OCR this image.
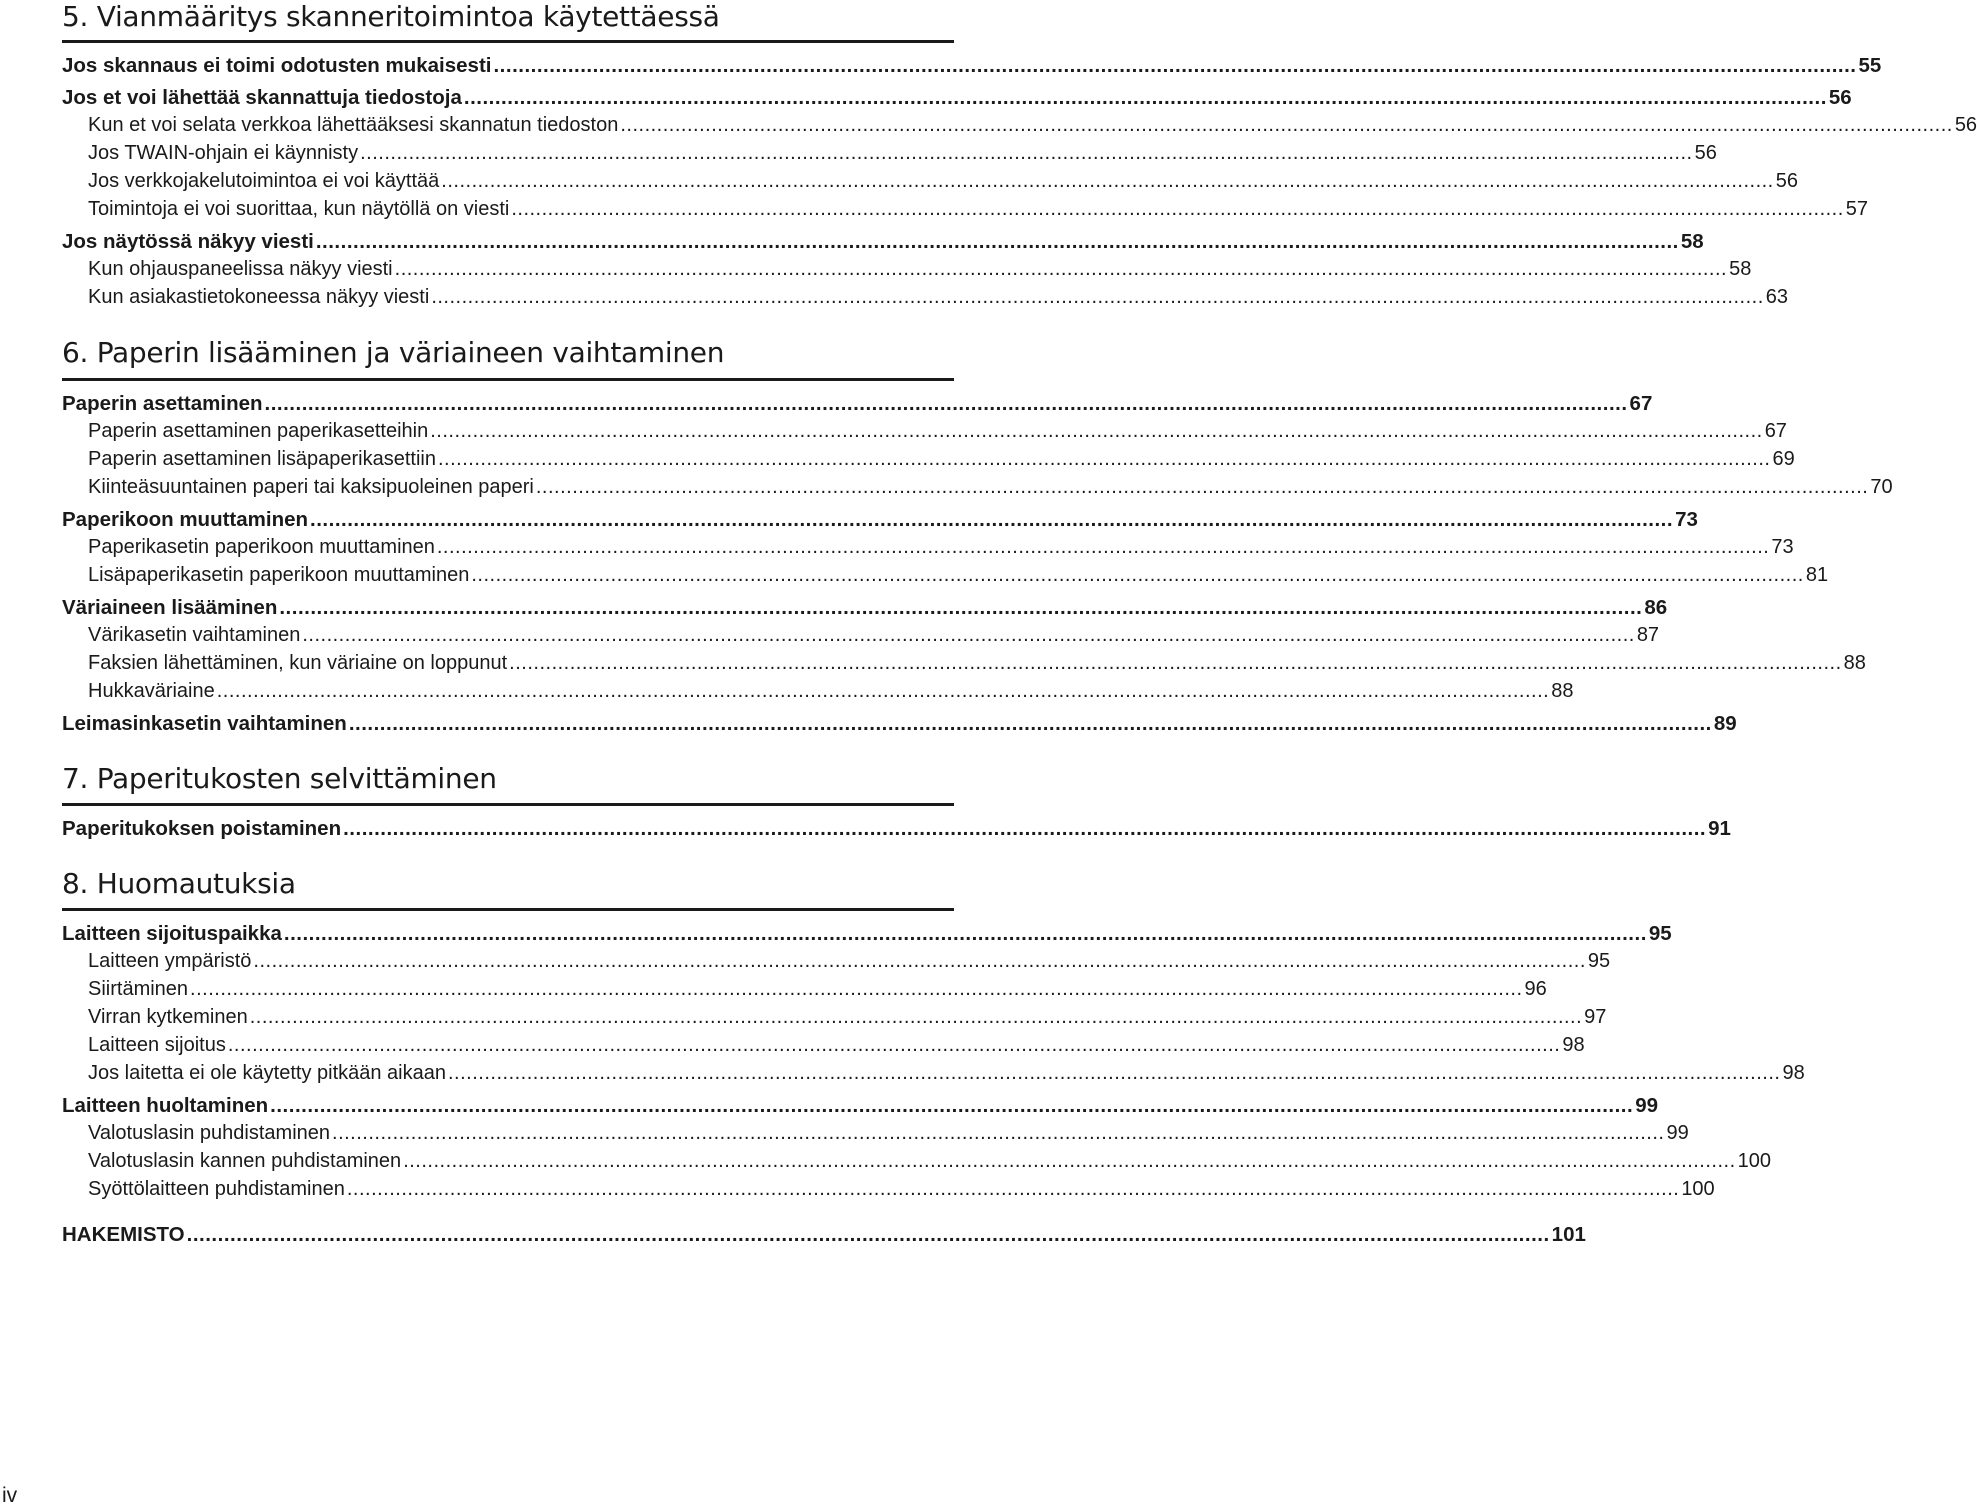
5. Vianmääritys skanneritoimintoa käytettäessä
Jos skannaus ei toimi odotusten mukaisesti ............................................................................................................................................................................................................................ 55
Jos et voi lähettää skannattuja tiedostoja ............................................................................................................................................................................................................................ 56
Kun et voi selata verkkoa lähettääksesi skannatun tiedoston ............................................................................................................................................................................................................................ 56
Jos TWAIN-ohjain ei käynnisty ............................................................................................................................................................................................................................ 56
Jos verkkojakelutoimintoa ei voi käyttää ............................................................................................................................................................................................................................ 56
Toimintoja ei voi suorittaa, kun näytöllä on viesti ............................................................................................................................................................................................................................ 57
Jos näytössä näkyy viesti ............................................................................................................................................................................................................................ 58
Kun ohjauspaneelissa näkyy viesti ............................................................................................................................................................................................................................ 58
Kun asiakastietokoneessa näkyy viesti ............................................................................................................................................................................................................................ 63
6. Paperin lisääminen ja väriaineen vaihtaminen
Paperin asettaminen ............................................................................................................................................................................................................................ 67
Paperin asettaminen paperikasetteihin ............................................................................................................................................................................................................................ 67
Paperin asettaminen lisäpaperikasettiin ............................................................................................................................................................................................................................ 69
Kiinteäsuuntainen paperi tai kaksipuoleinen paperi ............................................................................................................................................................................................................................ 70
Paperikoon muuttaminen ............................................................................................................................................................................................................................ 73
Paperikasetin paperikoon muuttaminen ............................................................................................................................................................................................................................ 73
Lisäpaperikasetin paperikoon muuttaminen ............................................................................................................................................................................................................................ 81
Väriaineen lisääminen ............................................................................................................................................................................................................................ 86
Värikasetin vaihtaminen ............................................................................................................................................................................................................................ 87
Faksien lähettäminen, kun väriaine on loppunut ............................................................................................................................................................................................................................ 88
Hukkaväriaine ............................................................................................................................................................................................................................ 88
Leimasinkasetin vaihtaminen ............................................................................................................................................................................................................................ 89
7. Paperitukosten selvittäminen
Paperitukoksen poistaminen ............................................................................................................................................................................................................................ 91
8. Huomautuksia
Laitteen sijoituspaikka ............................................................................................................................................................................................................................ 95
Laitteen ympäristö ............................................................................................................................................................................................................................ 95
Siirtäminen ............................................................................................................................................................................................................................ 96
Virran kytkeminen ............................................................................................................................................................................................................................ 97
Laitteen sijoitus ............................................................................................................................................................................................................................ 98
Jos laitetta ei ole käytetty pitkään aikaan ............................................................................................................................................................................................................................ 98
Laitteen huoltaminen ............................................................................................................................................................................................................................ 99
Valotuslasin puhdistaminen ............................................................................................................................................................................................................................ 99
Valotuslasin kannen puhdistaminen ............................................................................................................................................................................................................................ 100
Syöttölaitteen puhdistaminen ............................................................................................................................................................................................................................ 100
HAKEMISTO ............................................................................................................................................................................................................................ 101
iv
